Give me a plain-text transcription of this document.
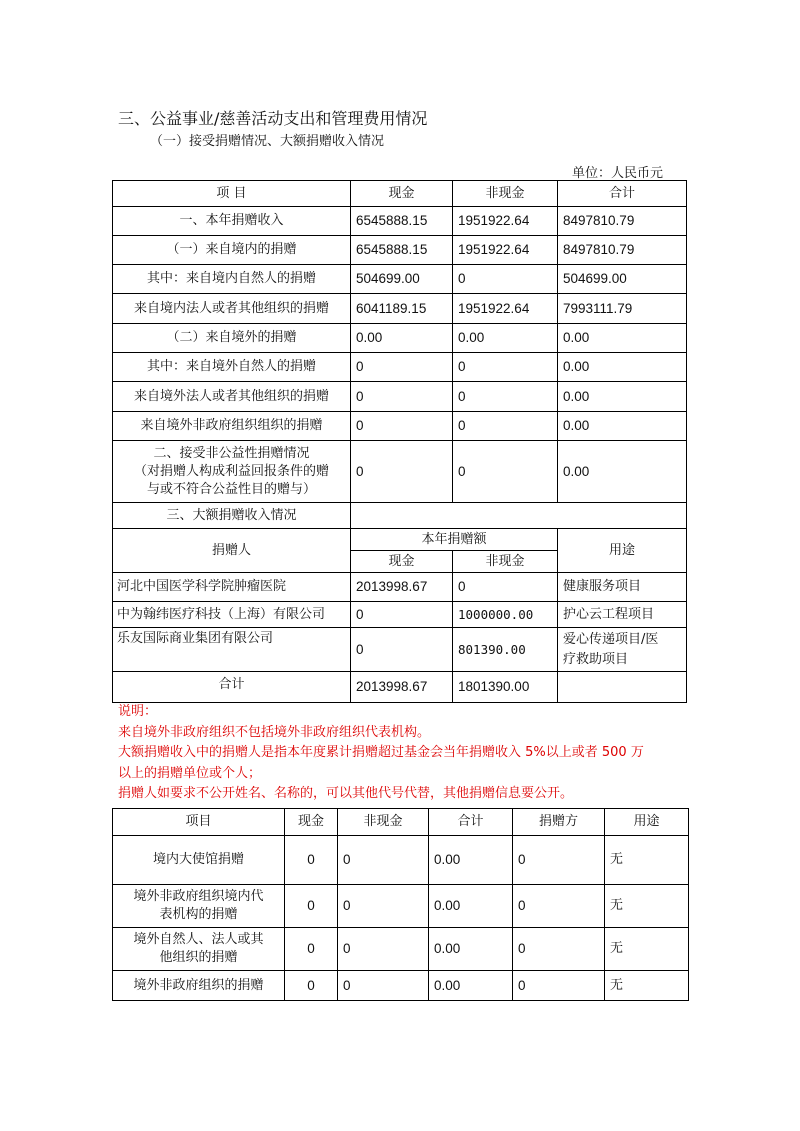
三、公益事业/慈善活动支出和管理费用情况
（一）接受捐赠情况、大额捐赠收入情况
单位：人民币元
项 目	现金	非现金	合计
一、本年捐赠收入	6545888.15	1951922.64	8497810.79
（一）来自境内的捐赠	6545888.15	1951922.64	8497810.79
其中：来自境内自然人的捐赠	504699.00	0	504699.00
来自境内法人或者其他组织的捐赠	6041189.15	1951922.64	7993111.79
（二）来自境外的捐赠	0.00	0.00	0.00
其中：来自境外自然人的捐赠	0	0	0.00
来自境外法人或者其他组织的捐赠	0	0	0.00
来自境外非政府组织组织的捐赠	0	0	0.00

二、接受非公益性捐赠情况
（对捐赠人构成利益回报条件的赠
与或不符合公益性目的赠与）	0	0	0.00
三、大额捐赠收入情况			
捐赠人	本年捐赠额		用途
	现金	非现金	
河北中国医学科学院肿瘤医院	2013998.67	0	健康服务项目
中为翰纬医疗科技（上海）有限公司	0	1000000.00	护心云工程项目
乐友国际商业集团有限公司	0	801390.00	爱心传递项目/医
疗救助项目

合计	2013998.67	1801390.00	
说明：
来自境外非政府组织不包括境外非政府组织代表机构。
大额捐赠收入中的捐赠人是指本年度累计捐赠超过基金会当年捐赠收入 5%以上或者 500 万
以上的捐赠单位或个人；
捐赠人如要求不公开姓名、名称的，可以其他代号代替，其他捐赠信息要公开。
项目	现金	非现金	合计	捐赠方	用途

境内大使馆捐赠	0	0	0.00	0	无

境外非政府组织境内代
表机构的捐赠	0	0	0.00	0	无

境外自然人、法人或其
他组织的捐赠	0	0	0.00	0	无

境外非政府组织的捐赠	0	0	0.00	0	无
